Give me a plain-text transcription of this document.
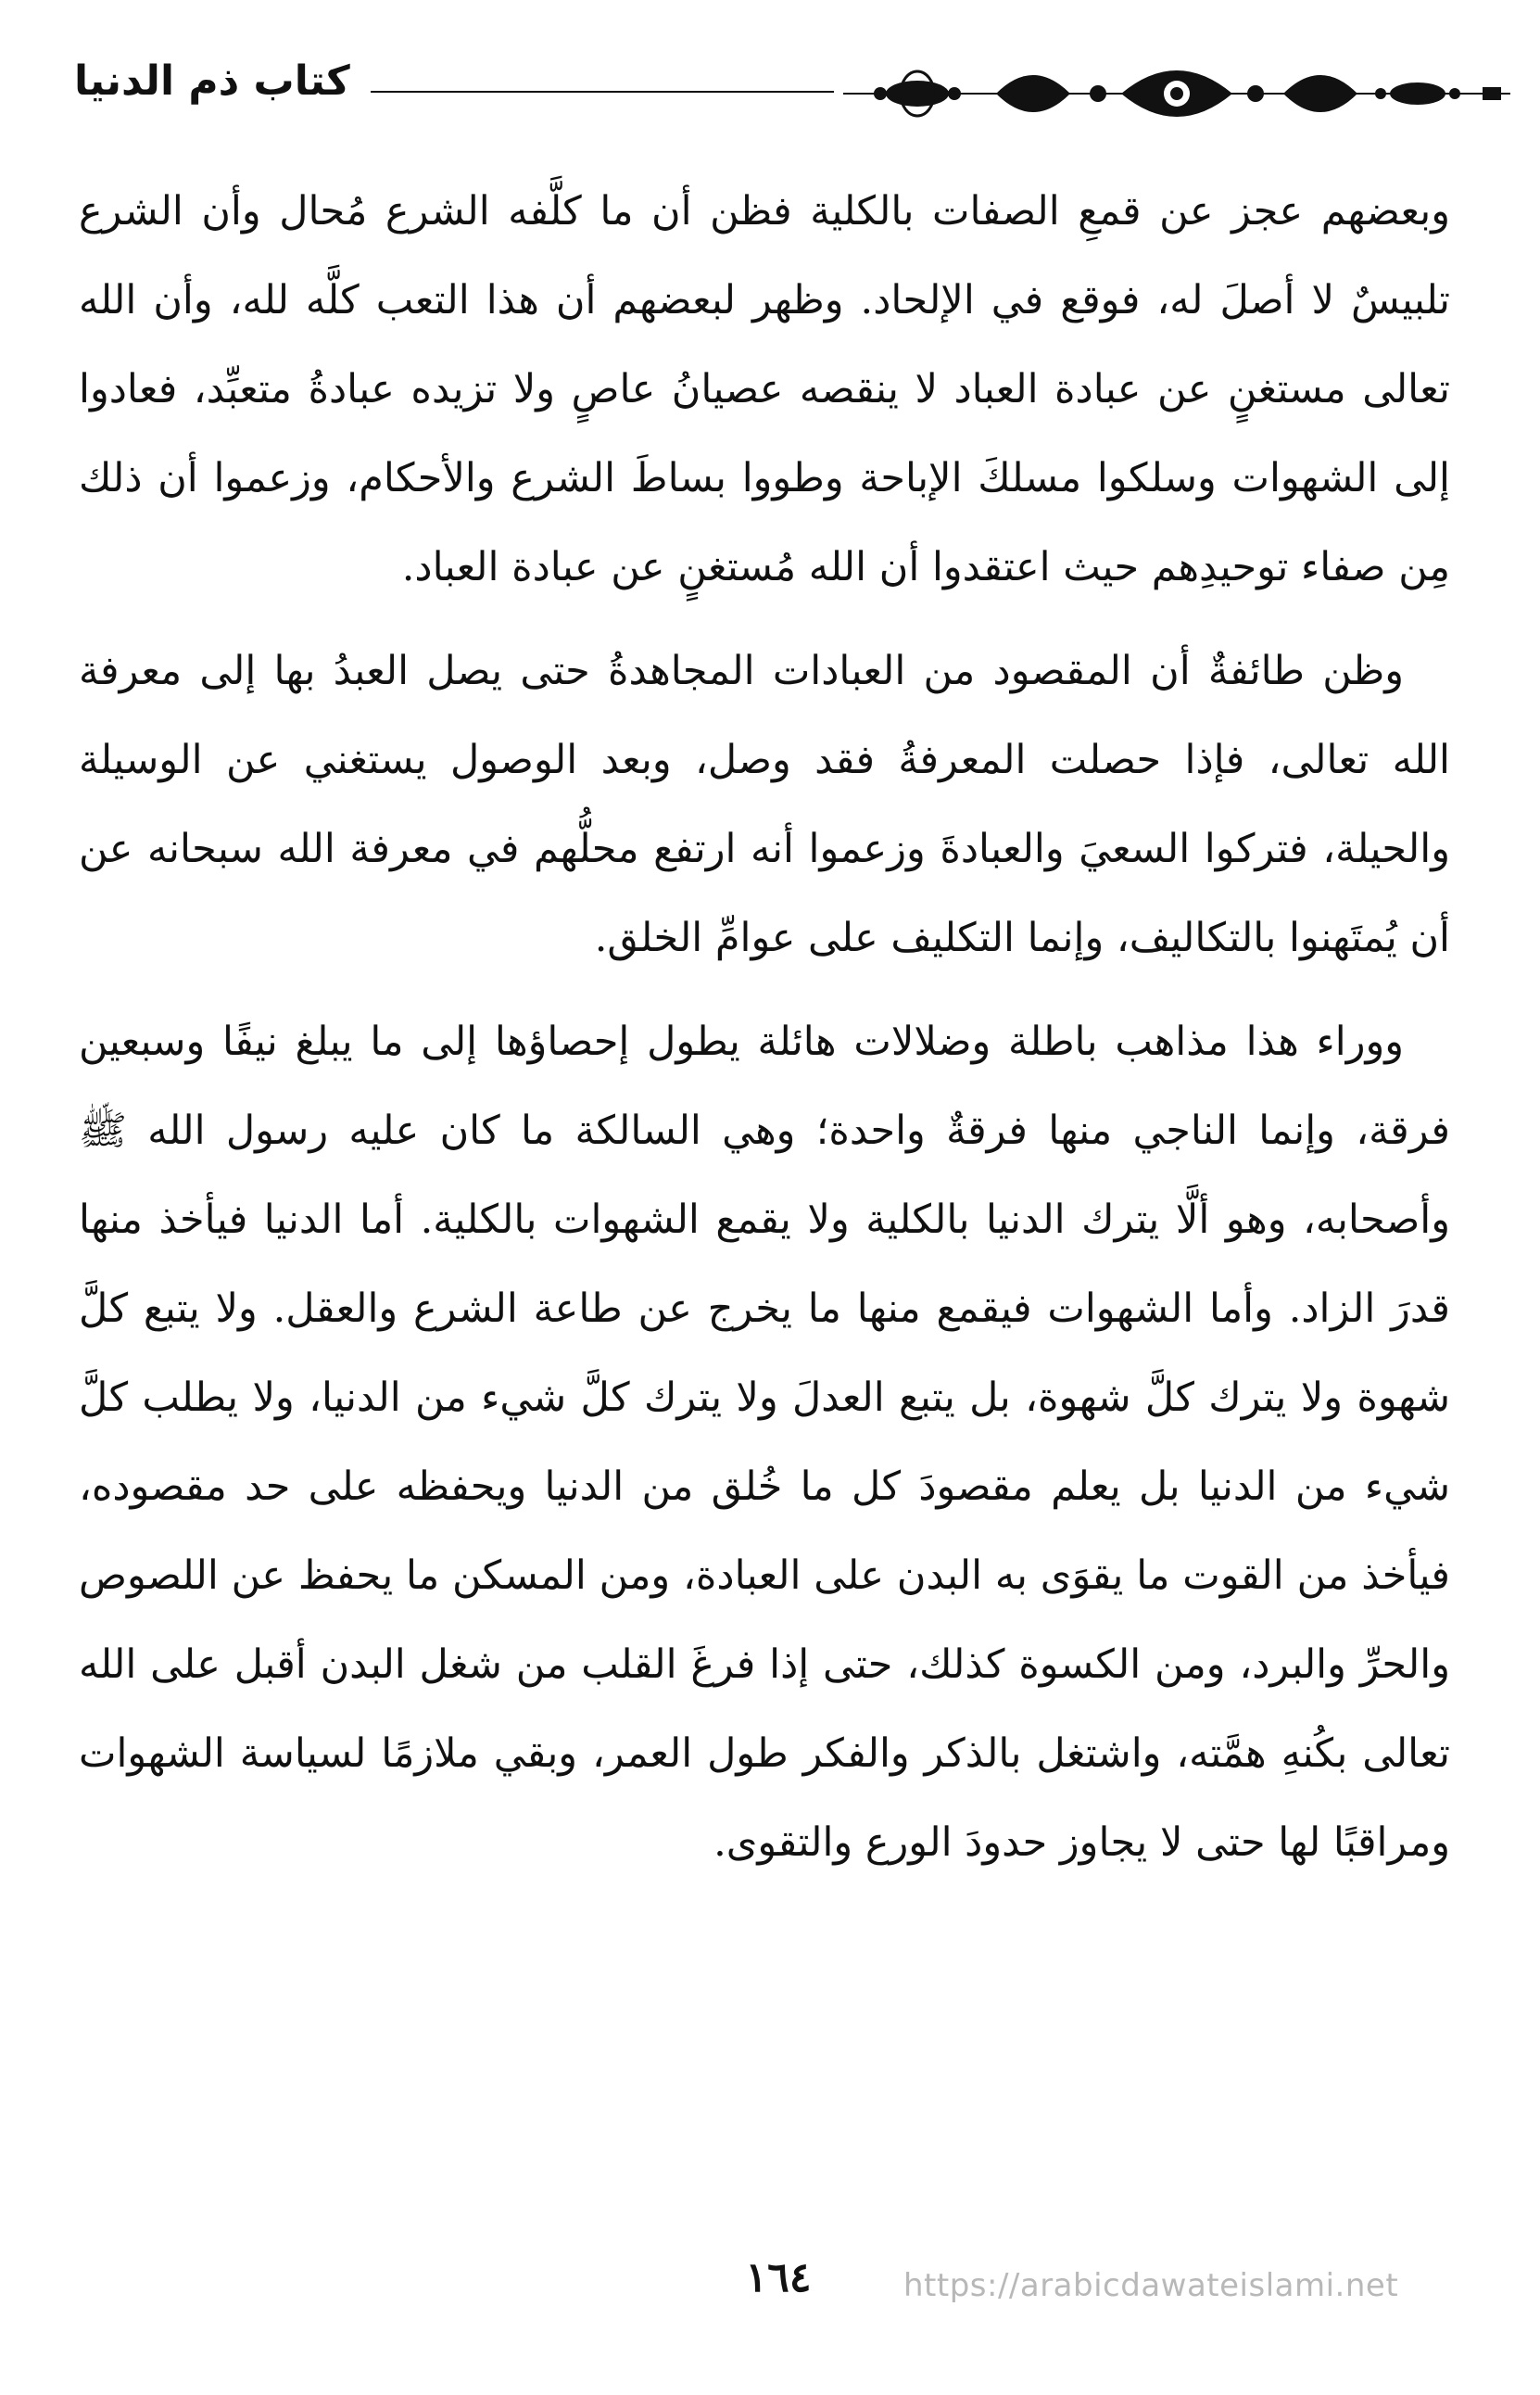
كتاب ذم الدنيا

وبعضهم عجز عن قمعِ الصفات بالكلية فظن أن ما كلَّفه الشرع مُحال وأن الشرع تلبيسٌ لا أصلَ له، فوقع في الإلحاد. وظهر لبعضهم أن هذا التعب كلَّه لله، وأن الله تعالى مستغنٍ عن عبادة العباد لا ينقصه عصيانُ عاصٍ ولا تزيده عبادةُ متعبِّد، فعادوا إلى الشهوات وسلكوا مسلكَ الإباحة وطووا بساطَ الشرع والأحكام، وزعموا أن ذلك مِن صفاء توحيدِهم حيث اعتقدوا أن الله مُستغنٍ عن عبادة العباد.

وظن طائفةٌ أن المقصود من العبادات المجاهدةُ حتى يصل العبدُ بها إلى معرفة الله تعالى، فإذا حصلت المعرفةُ فقد وصل، وبعد الوصول يستغني عن الوسيلة والحيلة، فتركوا السعيَ والعبادةَ وزعموا أنه ارتفع محلُّهم في معرفة الله سبحانه عن أن يُمتَهنوا بالتكاليف، وإنما التكليف على عوامِّ الخلق.

ووراء هذا مذاهب باطلة وضلالات هائلة يطول إحصاؤها إلى ما يبلغ نيفًا وسبعين فرقة، وإنما الناجي منها فرقةٌ واحدة؛ وهي السالكة ما كان عليه رسول الله ﷺ وأصحابه، وهو ألَّا يترك الدنيا بالكلية ولا يقمع الشهوات بالكلية. أما الدنيا فيأخذ منها قدرَ الزاد. وأما الشهوات فيقمع منها ما يخرج عن طاعة الشرع والعقل. ولا يتبع كلَّ شهوة ولا يترك كلَّ شهوة، بل يتبع العدلَ ولا يترك كلَّ شيء من الدنيا، ولا يطلب كلَّ شيء من الدنيا بل يعلم مقصودَ كل ما خُلق من الدنيا ويحفظه على حد مقصوده، فيأخذ من القوت ما يقوَى به البدن على العبادة، ومن المسكن ما يحفظ عن اللصوص والحرِّ والبرد، ومن الكسوة كذلك، حتى إذا فرغَ القلب من شغل البدن أقبل على الله تعالى بكُنهِ همَّته، واشتغل بالذكر والفكر طول العمر، وبقي ملازمًا لسياسة الشهوات ومراقبًا لها حتى لا يجاوز حدودَ الورع والتقوى.

١٦٤	https://arabicdawateislami.net
